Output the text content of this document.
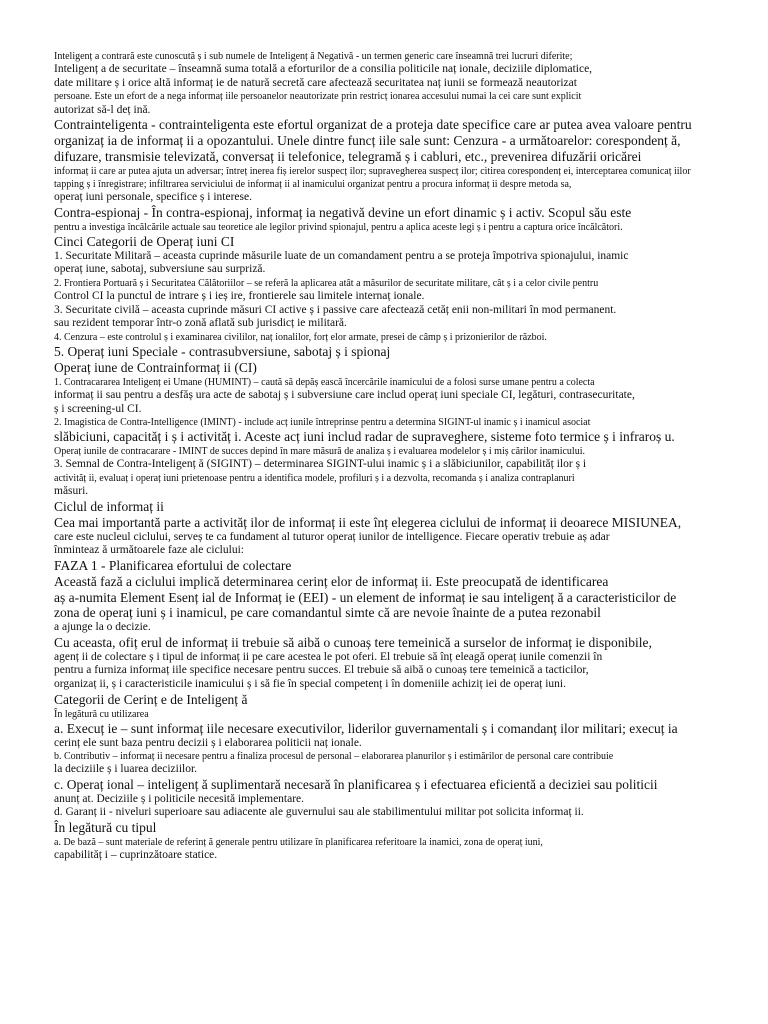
Inteligenț a contrară este cunoscută ș i sub numele de Inteligenț ă Negativă - un termen generic care înseamnă trei lucruri diferite;

Inteligenț a de securitate – înseamnă suma totală a eforturilor de a consilia politicile naț ionale, deciziile diplomatice,

date militare ș i orice altă informaț ie de natură secretă care afectează securitatea naț iunii se formează neautorizat

persoane. Este un efort de a nega informaț iile persoanelor neautorizate prin restricț ionarea accesului numai la cei care sunt explicit

autorizat să-l deț ină.

Contrainteligenta - contrainteligenta este efortul organizat de a proteja date specifice care ar putea avea valoare pentru

organizaț ia de informaț ii a opozantului. Unele dintre funcț iile sale sunt: Cenzura - a următoarelor: corespondenț ă,

difuzare, transmisie televizată, conversaț ii telefonice, telegramă ș i cabluri, etc., prevenirea difuzării oricărei

informaț ii care ar putea ajuta un adversar; întreț inerea fiș ierelor suspecț ilor; supravegherea suspecț ilor; citirea corespondenț ei, interceptarea comunicaț iilor

tapping ș i înregistrare; infiltrarea serviciului de informaț ii al inamicului organizat pentru a procura informaț ii despre metoda sa,

operaț iuni personale, specifice ș i interese.

Contra-espionaj - În contra-espionaj, informaț ia negativă devine un efort dinamic ș i activ. Scopul său este

pentru a investiga încălcările actuale sau teoretice ale legilor privind spionajul, pentru a aplica aceste legi ș i pentru a captura orice încălcători.

Cinci Categorii de Operaț iuni CI

1. Securitate Militară – aceasta cuprinde măsurile luate de un comandament pentru a se proteja împotriva spionajului, inamic

operaț iune, sabotaj, subversiune sau surpriză.

2. Frontiera Portuară ș i Securitatea Călătoriilor – se referă la aplicarea atât a măsurilor de securitate militare, cât ș i a celor civile pentru

Control CI la punctul de intrare ș i ieș ire, frontierele sau limitele internaț ionale.

3. Securitate civilă – aceasta cuprinde măsuri CI active ș i passive care afectează cetăț enii non-militari în mod permanent.

sau rezident temporar într-o zonă aflată sub jurisdicț ie militară.

4. Cenzura – este controlul ș i examinarea civililor, naț ionalilor, forț elor armate, presei de câmp ș i prizonierilor de război.

5. Operaț iuni Speciale - contrasubversiune, sabotaj ș i spionaj

Operaț iune de Contrainformaț ii (CI)

1. Contracararea Inteligenț ei Umane (HUMINT) – caută să depăș ească încercările inamicului de a folosi surse umane pentru a colecta

informaț ii sau pentru a desfăș ura acte de sabotaj ș i subversiune care includ operaț iuni speciale CI, legături, contrasecuritate,

ș i screening-ul CI.

2. Imagistica de Contra-Intelligence (IMINT) - include acț iunile întreprinse pentru a determina SIGINT-ul inamic ș i inamicul asociat

slăbiciuni, capacităț i ș i activităț i. Aceste acț iuni includ radar de supraveghere, sisteme foto termice ș i infraroș u.

Operaț iunile de contracarare - IMINT de succes depind în mare măsură de analiza ș i evaluarea modelelor ș i miș cărilor inamicului.

3. Semnal de Contra-Inteligenț ă (SIGINT) – determinarea SIGINT-ului inamic ș i a slăbiciunilor, capabilităț ilor ș i

activităț ii, evaluaț i operaț iuni prietenoase pentru a identifica modele, profiluri ș i a dezvolta, recomanda ș i analiza contraplanuri

măsuri.

Ciclul de informaț ii

Cea mai importantă parte a activităț ilor de informaț ii este înț elegerea ciclului de informaț ii deoarece MISIUNEA,

care este nucleul ciclului, serveș te ca fundament al tuturor operaț iunilor de intelligence. Fiecare operativ trebuie aș adar

înminteaz ă următoarele faze ale ciclului:

FAZA 1 - Planificarea efortului de colectare

Această fază a ciclului implică determinarea cerinț elor de informaț ii. Este preocupată de identificarea

aș a-numita Element Esenț ial de Informaț ie (EEI) - un element de informaț ie sau inteligenț ă a caracteristicilor de

zona de operaț iuni ș i inamicul, pe care comandantul simte că are nevoie înainte de a putea rezonabil

a ajunge la o decizie.

Cu aceasta, ofiț erul de informaț ii trebuie să aibă o cunoaș tere temeinică a surselor de informaț ie disponibile,

agenț ii de colectare ș i tipul de informaț ii pe care acestea le pot oferi. El trebuie să înț eleagă operaț iunile comenzii în

pentru a furniza informaț iile specifice necesare pentru succes. El trebuie să aibă o cunoaș tere temeinică a tacticilor,

organizaț ii, ș i caracteristicile inamicului ș i să fie în special competenț i în domeniile achiziț iei de operaț iuni.

Categorii de Cerinț e de Inteligenț ă

În legătură cu utilizarea

a. Execuț ie – sunt informaț iile necesare executivilor, liderilor guvernamentali ș i comandanț ilor militari; execuț ia

cerinț ele sunt baza pentru decizii ș i elaborarea politicii naț ionale.

b. Contributiv – informaț ii necesare pentru a finaliza procesul de personal – elaborarea planurilor ș i estimărilor de personal care contribuie

la deciziile ș i luarea deciziilor.

c. Operaț ional – inteligenț ă suplimentară necesară în planificarea ș i efectuarea eficientă a deciziei sau politicii

anunț at. Deciziile ș i politicile necesită implementare.

d. Garanț ii - niveluri superioare sau adiacente ale guvernului sau ale stabilimentului militar pot solicita informaț ii.

În legătură cu tipul

a. De bază – sunt materiale de referinț ă generale pentru utilizare în planificarea referitoare la inamici, zona de operaț iuni,

capabilităț i – cuprinzătoare statice.
